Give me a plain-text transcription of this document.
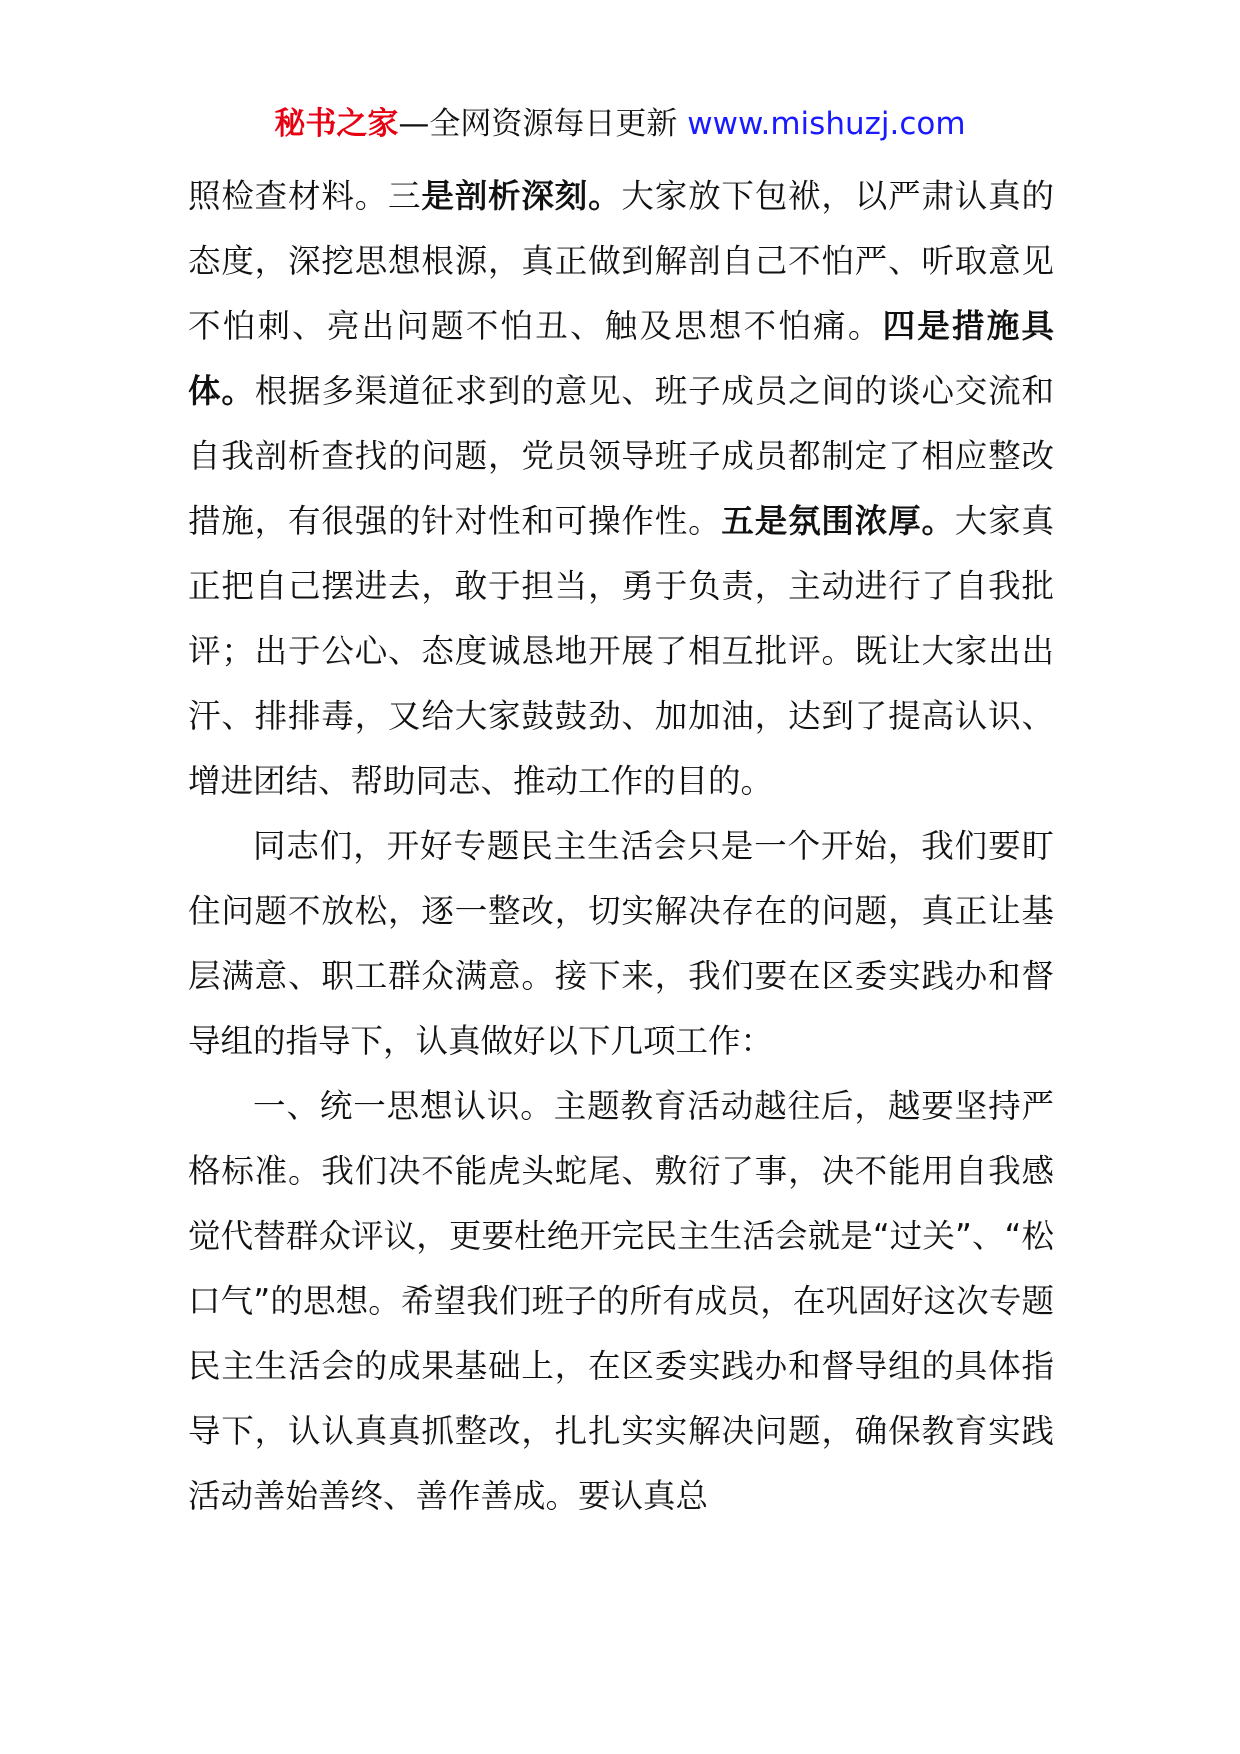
秘书之家—全网资源每日更新 www.mishuzj.com

照检查材料。三是剖析深刻。大家放下包袱，以严肃认真的态度，深挖思想根源，真正做到解剖自己不怕严、听取意见不怕刺、亮出问题不怕丑、触及思想不怕痛。四是措施具体。根据多渠道征求到的意见、班子成员之间的谈心交流和自我剖析查找的问题，党员领导班子成员都制定了相应整改措施，有很强的针对性和可操作性。五是氛围浓厚。大家真正把自己摆进去，敢于担当，勇于负责，主动进行了自我批评；出于公心、态度诚恳地开展了相互批评。既让大家出出汗、排排毒，又给大家鼓鼓劲、加加油，达到了提高认识、增进团结、帮助同志、推动工作的目的。

同志们，开好专题民主生活会只是一个开始，我们要盯住问题不放松，逐一整改，切实解决存在的问题，真正让基层满意、职工群众满意。接下来，我们要在区委实践办和督导组的指导下，认真做好以下几项工作：

一、统一思想认识。主题教育活动越往后，越要坚持严格标准。我们决不能虎头蛇尾、敷衍了事，决不能用自我感觉代替群众评议，更要杜绝开完民主生活会就是“过关”、“松口气”的思想。希望我们班子的所有成员，在巩固好这次专题民主生活会的成果基础上，在区委实践办和督导组的具体指导下，认认真真抓整改，扎扎实实解决问题，确保教育实践活动善始善终、善作善成。要认真总
